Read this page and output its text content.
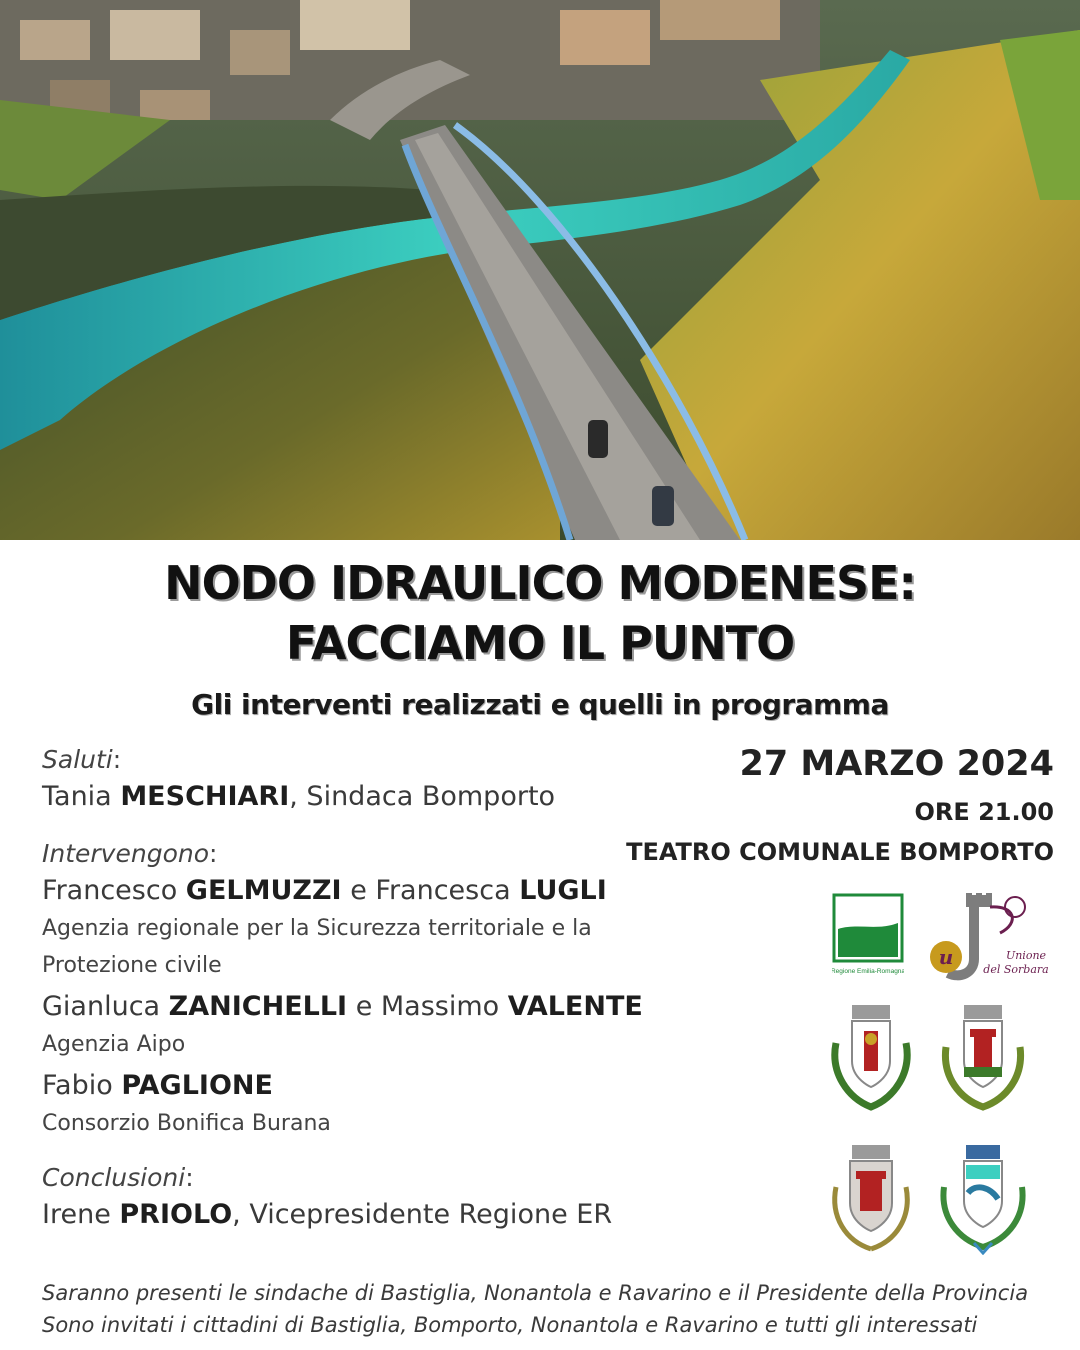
NODO IDRAULICO MODENESE:
FACCIAMO IL PUNTO
Gli interventi realizzati e quelli in programma
27 MARZO 2024
ORE 21.00
TEATRO COMUNALE BOMPORTO

Saluti:

Tania MESCHIARI, Sindaca Bomporto

Intervengono:

Francesco GELMUZZI e Francesca LUGLI

Agenzia regionale per la Sicurezza territoriale e la

Protezione civile

Gianluca ZANICHELLI e Massimo VALENTE

Agenzia Aipo

Fabio PAGLIONE

Consorzio Bonifica Burana

Conclusioni:

Irene PRIOLO, Vicepresidente Regione ER

Regione Emilia-Romagna
u	Unione
del Sorbara
Saranno presenti le sindache di Bastiglia, Nonantola e Ravarino e il Presidente della Provincia
Sono invitati i cittadini di Bastiglia, Bomporto, Nonantola e Ravarino e tutti gli interessati
